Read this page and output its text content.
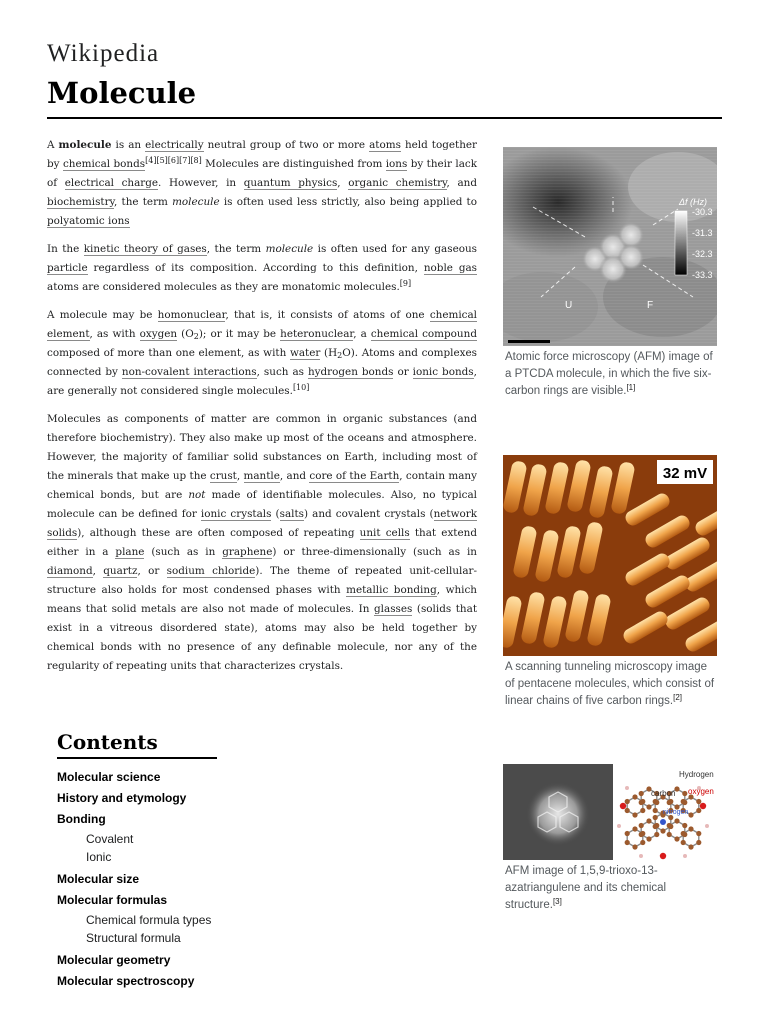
Wikipedia
Molecule

A molecule is an electrically neutral group of two or more atoms held together by chemical bonds[4][5][6][7][8] Molecules are distinguished from ions by their lack of electrical charge. However, in quantum physics, organic chemistry, and biochemistry, the term molecule is often used less strictly, also being applied to polyatomic ions

In the kinetic theory of gases, the term molecule is often used for any gaseous particle regardless of its composition. According to this definition, noble gas atoms are considered molecules as they are monatomic molecules.[9]

A molecule may be homonuclear, that is, it consists of atoms of one chemical element, as with oxygen $(O_2)$; or it may be heteronuclear, a chemical compound composed of more than one element, as with water $(H_2O)$. Atoms and complexes connected by non-covalent interactions, such as hydrogen bonds or ionic bonds, are generally not considered single molecules.[10]

Molecules as components of matter are common in organic substances (and therefore biochemistry). They also make up most of the oceans and atmosphere. However, the majority of familiar solid substances on Earth, including most of the minerals that make up the crust, mantle, and core of the Earth, contain many chemical bonds, but are not made of identifiable molecules. Also, no typical molecule can be defined for ionic crystals (salts) and covalent crystals (network solids), although these are often composed of repeating unit cells that extend either in a plane (such as in graphene) or three-dimensionally (such as in diamond, quartz, or sodium chloride). The theme of repeated unit-cellular-structure also holds for most condensed phases with metallic bonding, which means that solid metals are also not made of molecules. In glasses (solids that exist in a vitreous disordered state), atoms may also be held together by chemical bonds with no presence of any definable molecule, nor any of the regularity of repeating units that characterizes crystals.

Contents
Molecular science
History and etymology
Bonding
Covalent
Ionic
Molecular size
Molecular formulas
Chemical formula types
Structural formula
Molecular geometry
Molecular spectroscopy
Δf (Hz)
-30.3
-31.3
-32.3
-33.3
U	F
Atomic force microscopy (AFM) image of a PTCDA molecule, in which the five six-carbon rings are visible.[1]
32 mV
A scanning tunneling microscopy image of pentacene molecules, which consist of linear chains of five carbon rings.[2]
Hydrogen
carbon oxygen
nitrogen
AFM image of 1,5,9-trioxo-13-azatriangulene and its chemical structure.[3]
